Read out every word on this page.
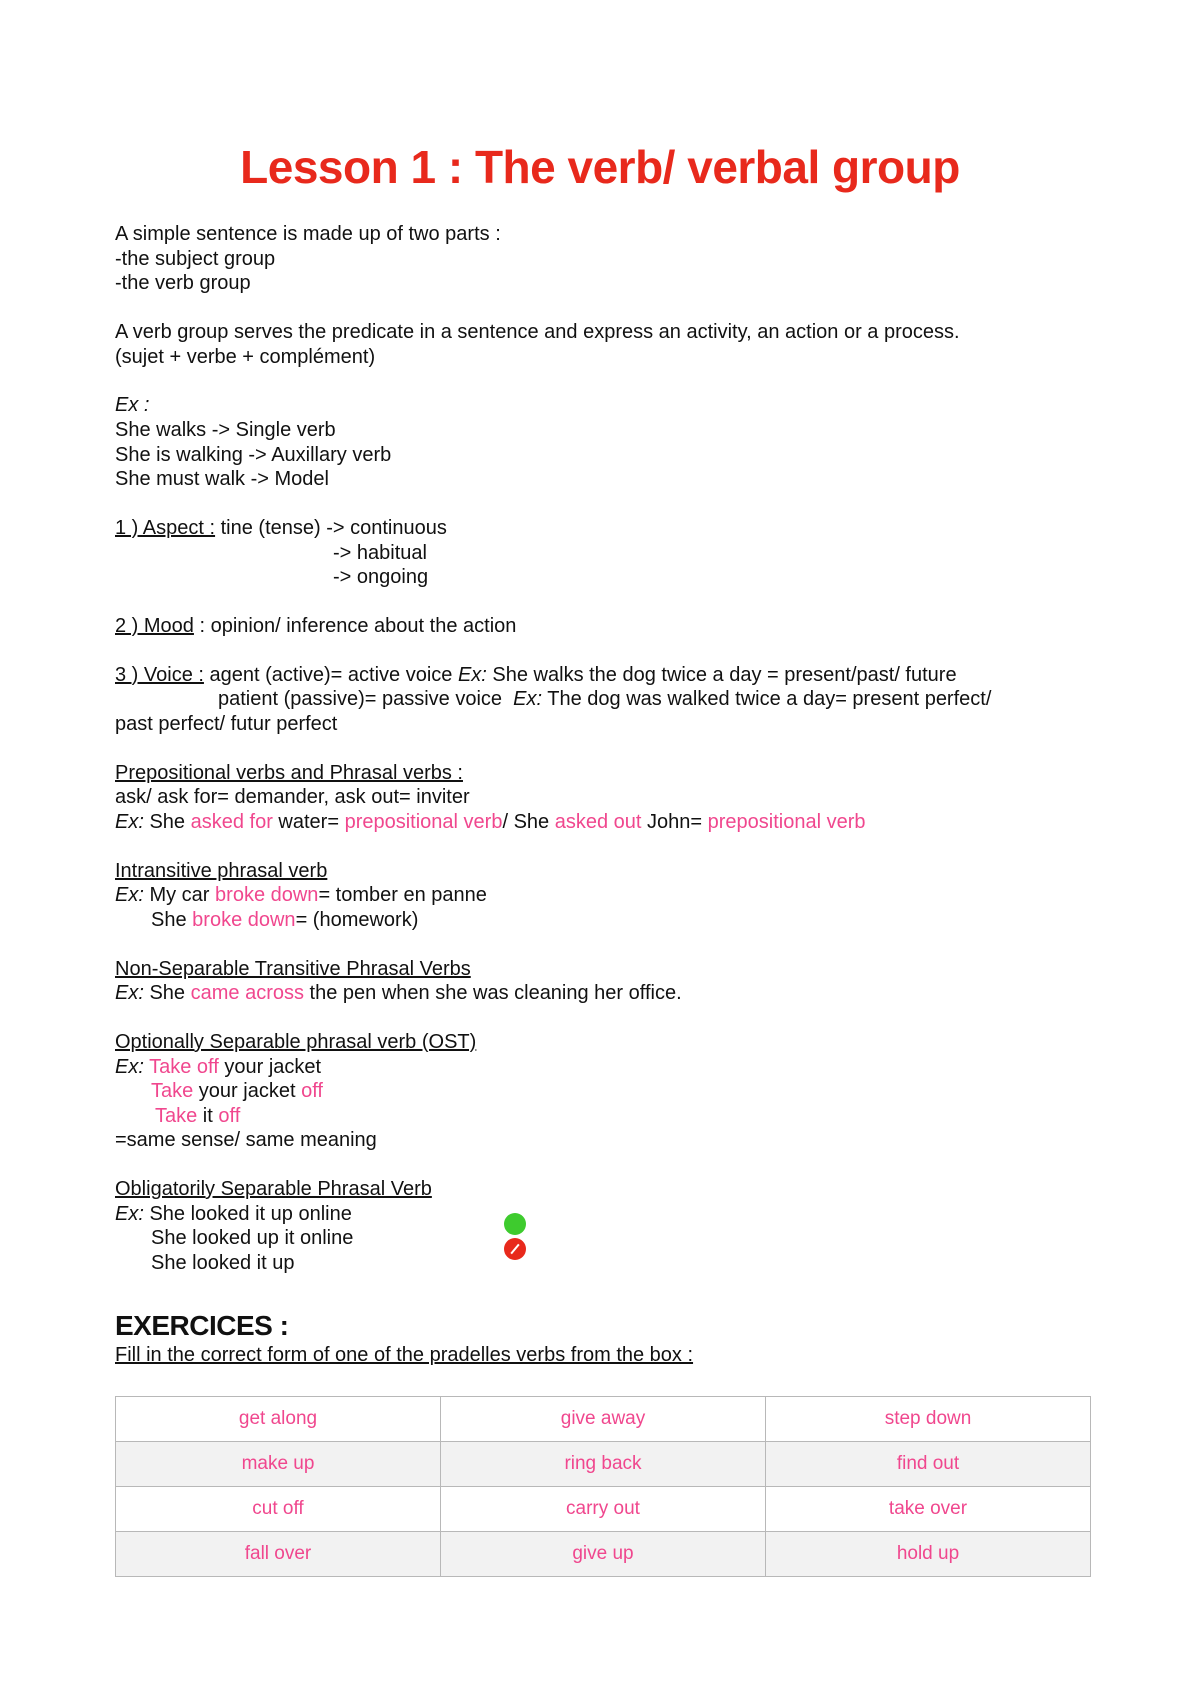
Lesson 1 : The verb/ verbal group
A simple sentence is made up of two parts :
-the subject group
-the verb group
A verb group serves the predicate in a sentence and express an activity, an action or a process.
(sujet + verbe + complément)
Ex :
She walks -> Single verb
She is walking -> Auxillary verb
She must walk -> Model
1 ) Aspect : tine (tense) -> continuous
-> habitual
-> ongoing
2 ) Mood : opinion/ inference about the action
3 ) Voice : agent (active)= active voice Ex: She walks the dog twice a day = present/past/ future
patient (passive)= passive voice  Ex: The dog was walked twice a day= present perfect/
past perfect/ futur perfect
Prepositional verbs and Phrasal verbs :
ask/ ask for= demander, ask out= inviter
Ex: She asked for water= prepositional verb/ She asked out John= prepositional verb
Intransitive phrasal verb
Ex: My car broke down= tomber en panne
She broke down= (homework)
Non-Separable Transitive Phrasal Verbs
Ex: She came across the pen when she was cleaning her office.
Optionally Separable phrasal verb (OST)
Ex: Take off your jacket
Take your jacket off
Take it off
=same sense/ same meaning
Obligatorily Separable Phrasal Verb
Ex: She looked it up online
She looked up it online
She looked it up
EXERCICES :
Fill in the correct form of one of the pradelles verbs from the box :
get along	give away	step down
make up	ring back	find out
cut off	carry out	take over
fall over	give up	hold up
